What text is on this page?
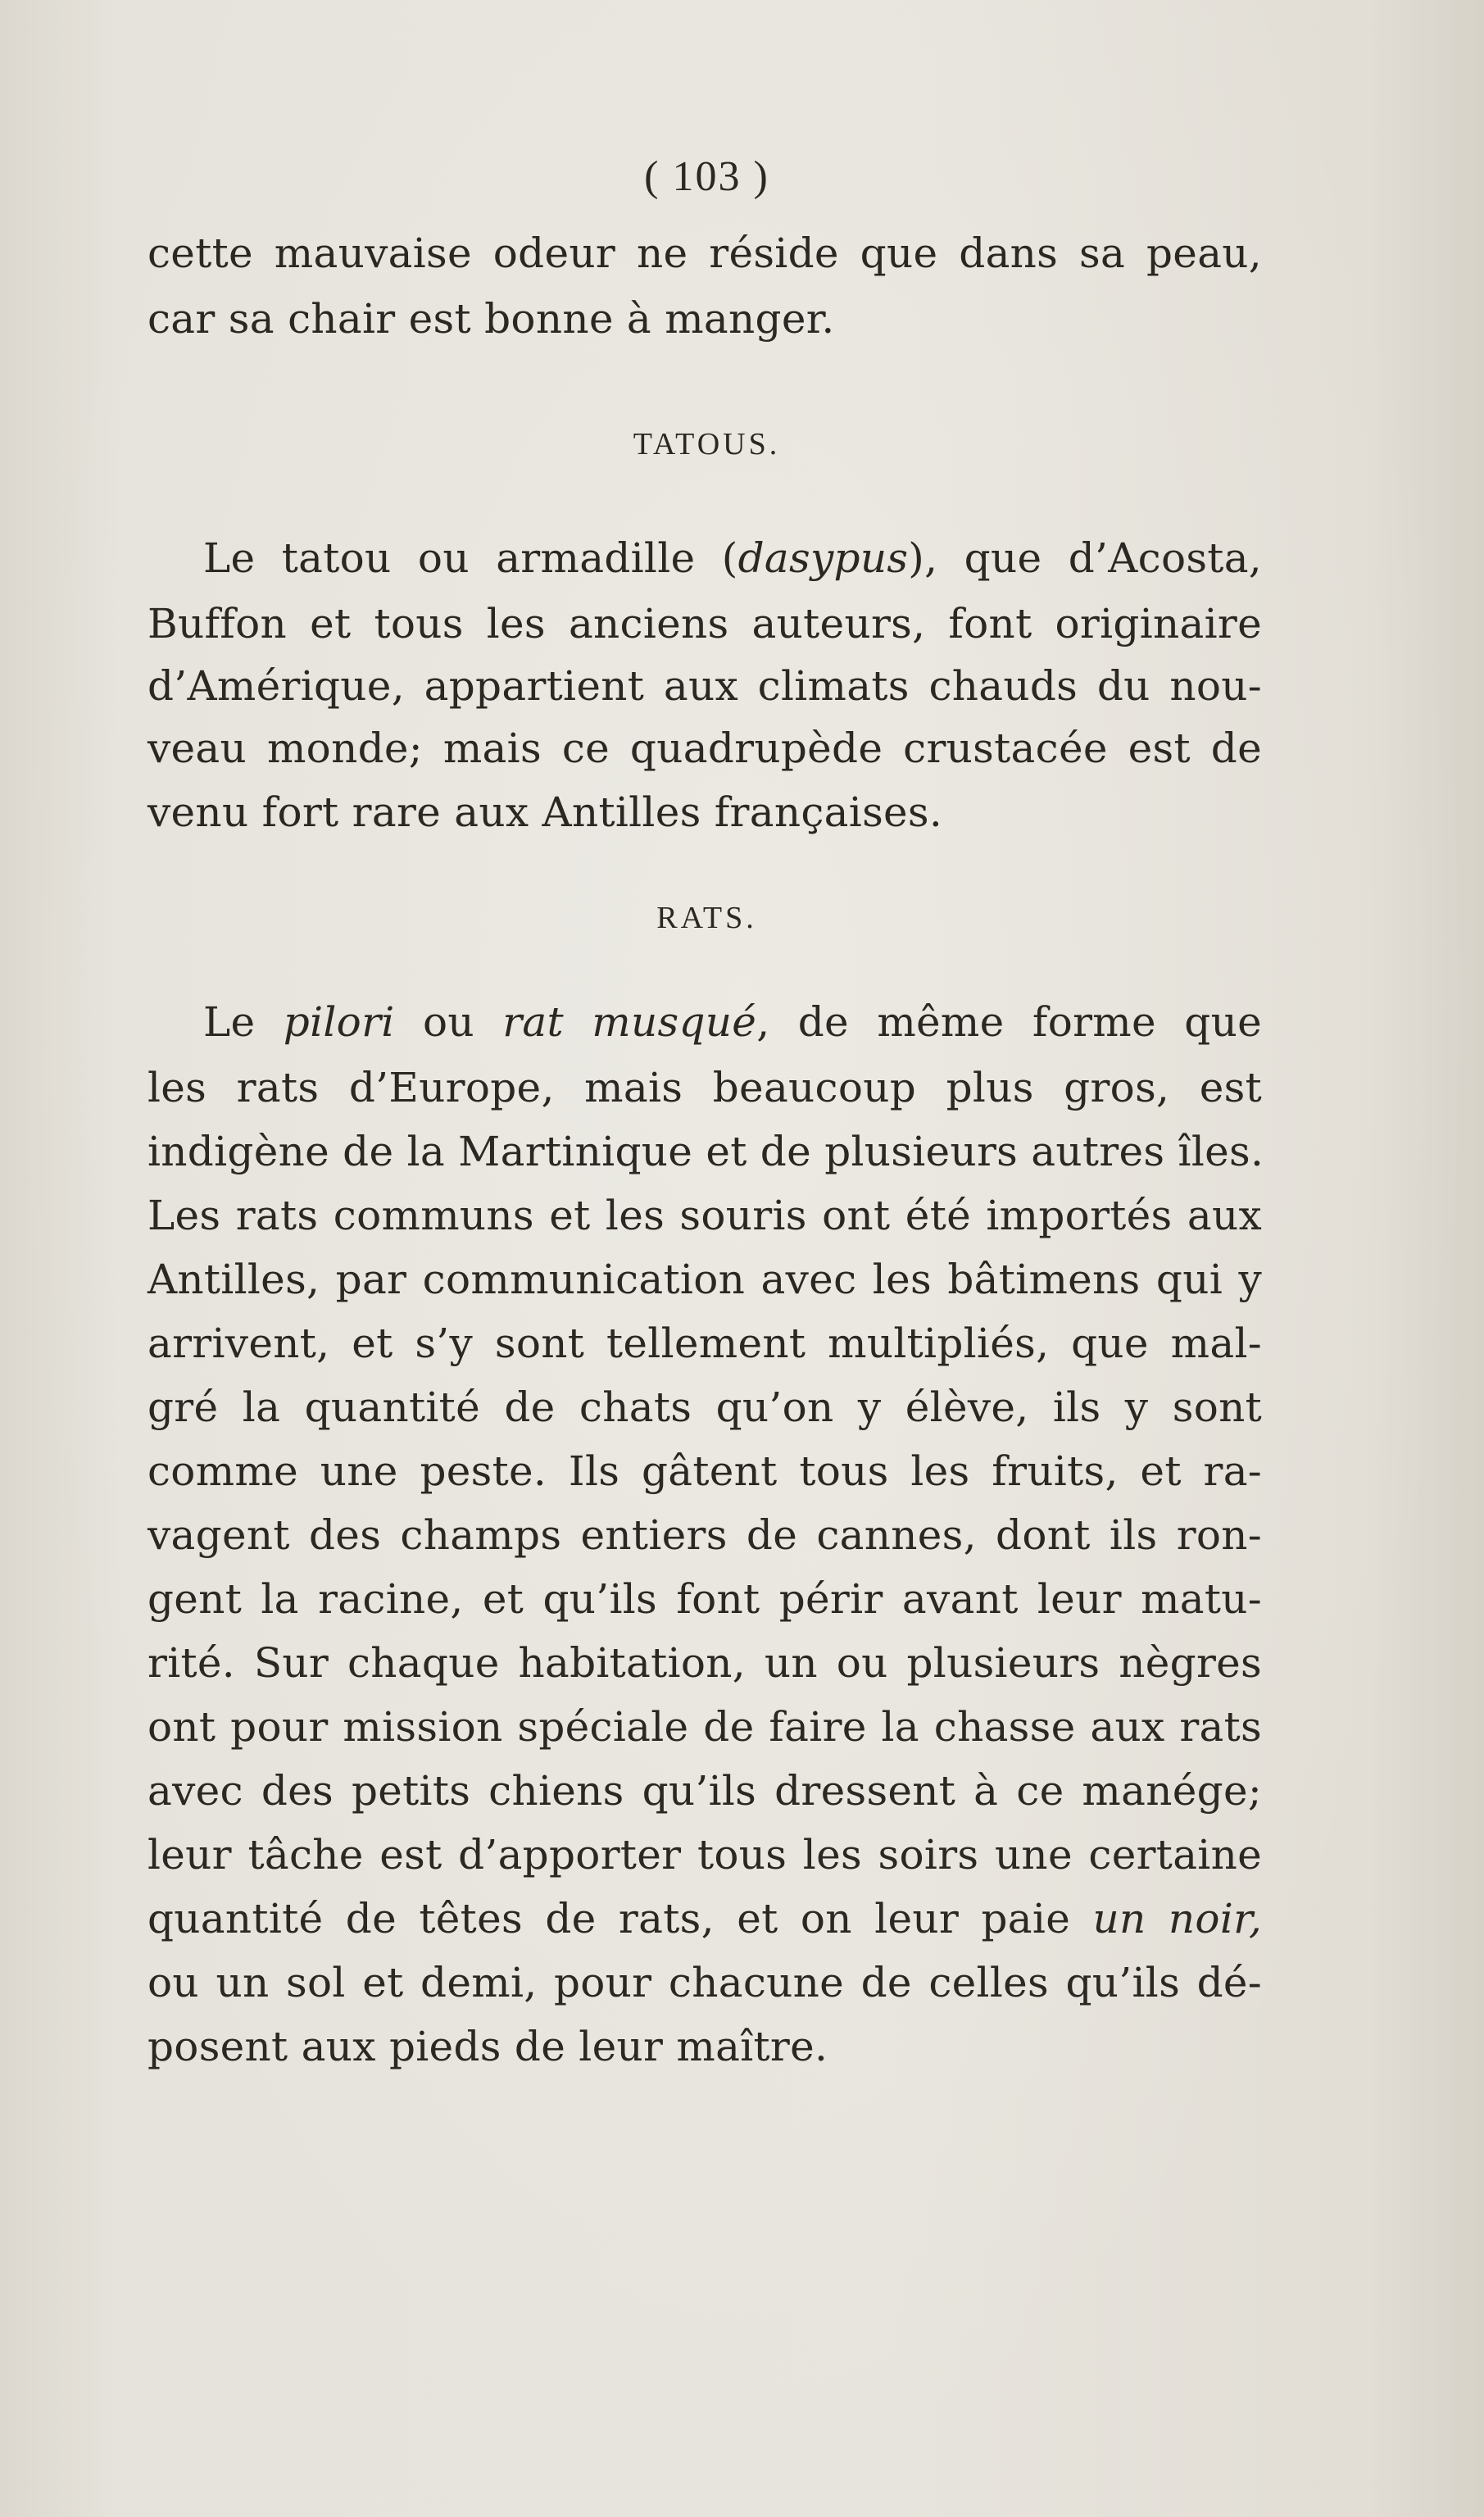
( 103 )
cette mauvaise odeur ne réside que dans sa peau,
car sa chair est bonne à manger.
TATOUS.
Le tatou ou armadille (dasypus), que d’Acosta,
Buffon et tous les anciens auteurs, font originaire
d’Amérique, appartient aux climats chauds du nou-
veau monde; mais ce quadrupède crustacée est de
venu fort rare aux Antilles françaises.
RATS.
Le pilori ou rat musqué, de même forme que
les rats d’Europe, mais beaucoup plus gros, est
indigène de la Martinique et de plusieurs autres îles.
Les rats communs et les souris ont été importés aux
Antilles, par communication avec les bâtimens qui y
arrivent, et s’y sont tellement multipliés, que mal-
gré la quantité de chats qu’on y élève, ils y sont
comme une peste. Ils gâtent tous les fruits, et ra-
vagent des champs entiers de cannes, dont ils ron-
gent la racine, et qu’ils font périr avant leur matu-
rité. Sur chaque habitation, un ou plusieurs nègres
ont pour mission spéciale de faire la chasse aux rats
avec des petits chiens qu’ils dressent à ce manége;
leur tâche est d’apporter tous les soirs une certaine
quantité de têtes de rats, et on leur paie un noir,
ou un sol et demi, pour chacune de celles qu’ils dé-
posent aux pieds de leur maître.
